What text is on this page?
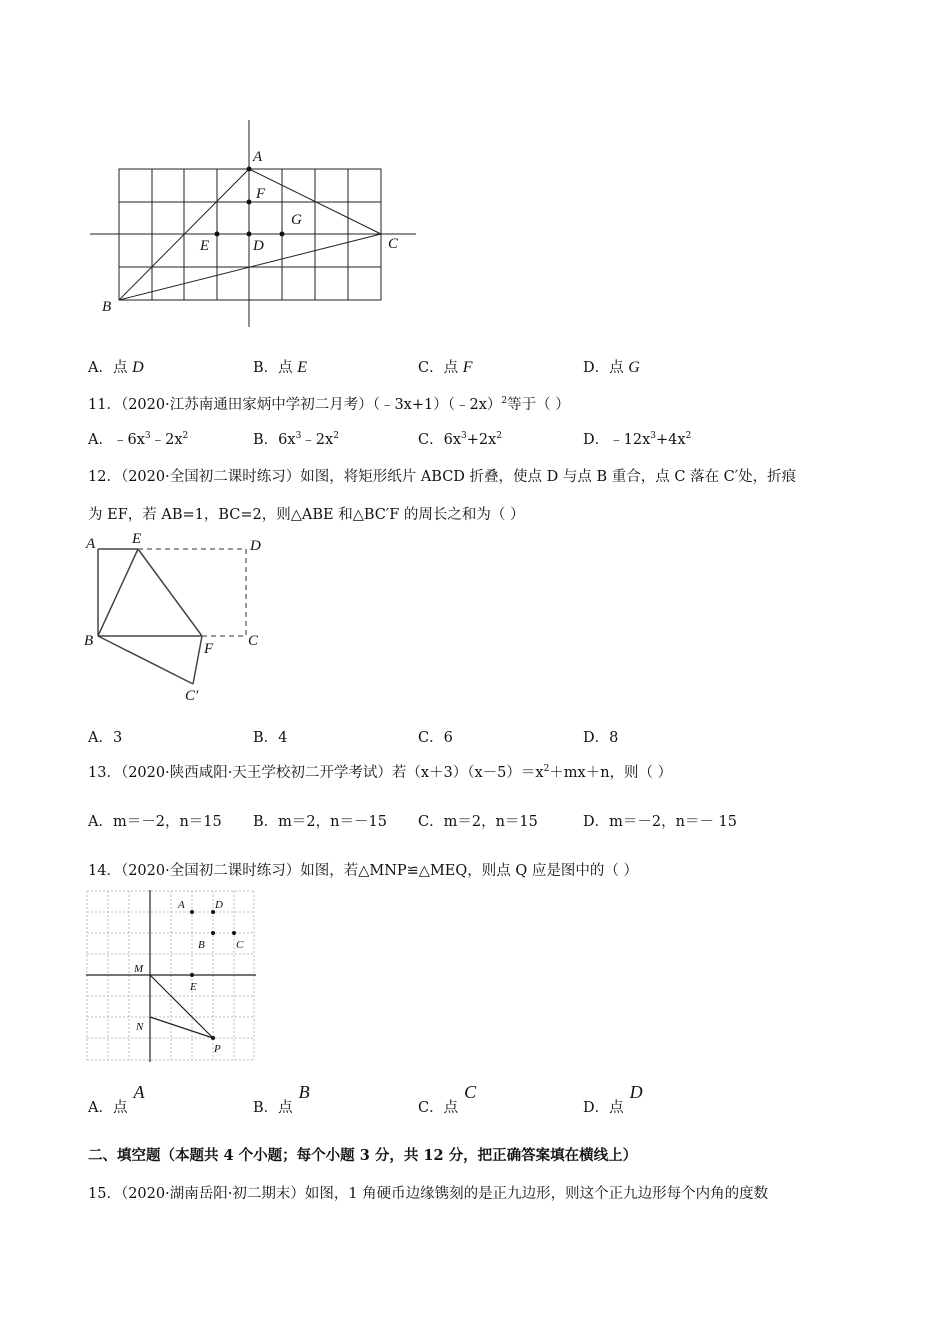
A
F
G
E	D	C
B
A．点 D	B．点 E	C．点 F	D．点 G
11．（2020·江苏南通田家炳中学初二月考）（﹣3x+1）（﹣2x）$^2$等于（ ）
A．$﹣6x^3﹣2x^2$	B．$6x^3﹣2x^2$	C．$6x^3+2x^2$	D．$﹣12x^3+4x^2$
12．（2020·全国初二课时练习）如图，将矩形纸片 ABCD 折叠，使点 D 与点 B 重合，点 C 落在 C′处，折痕
为 EF，若 AB=1，BC=2，则△ABE 和△BC′F 的周长之和为（ ）
A E	D
B	C
F
C′
A．3	B．4	C．6	D．8
13．（2020·陕西咸阳·天王学校初二开学考试）若$(x+3)(x-5)=x^2+mx+n$，则（ ）
A．m＝－2，n＝15 B．m＝2，n＝－15 C．m＝2，n＝15	D．m＝－2，n＝－ 15
14．（2020·全国初二课时练习）如图，若△MNP≌△MEQ，则点 Q 应是图中的（ ）
A	D
B	C
M
E
N
P
A．点A
B．点B
C．点C
D．点D
二、填空题（本题共 4 个小题；每个小题 3 分，共 12 分，把正确答案填在横线上）
15．（2020·湖南岳阳·初二期末）如图，1 角硬币边缘镌刻的是正九边形，则这个正九边形每个内角的度数
